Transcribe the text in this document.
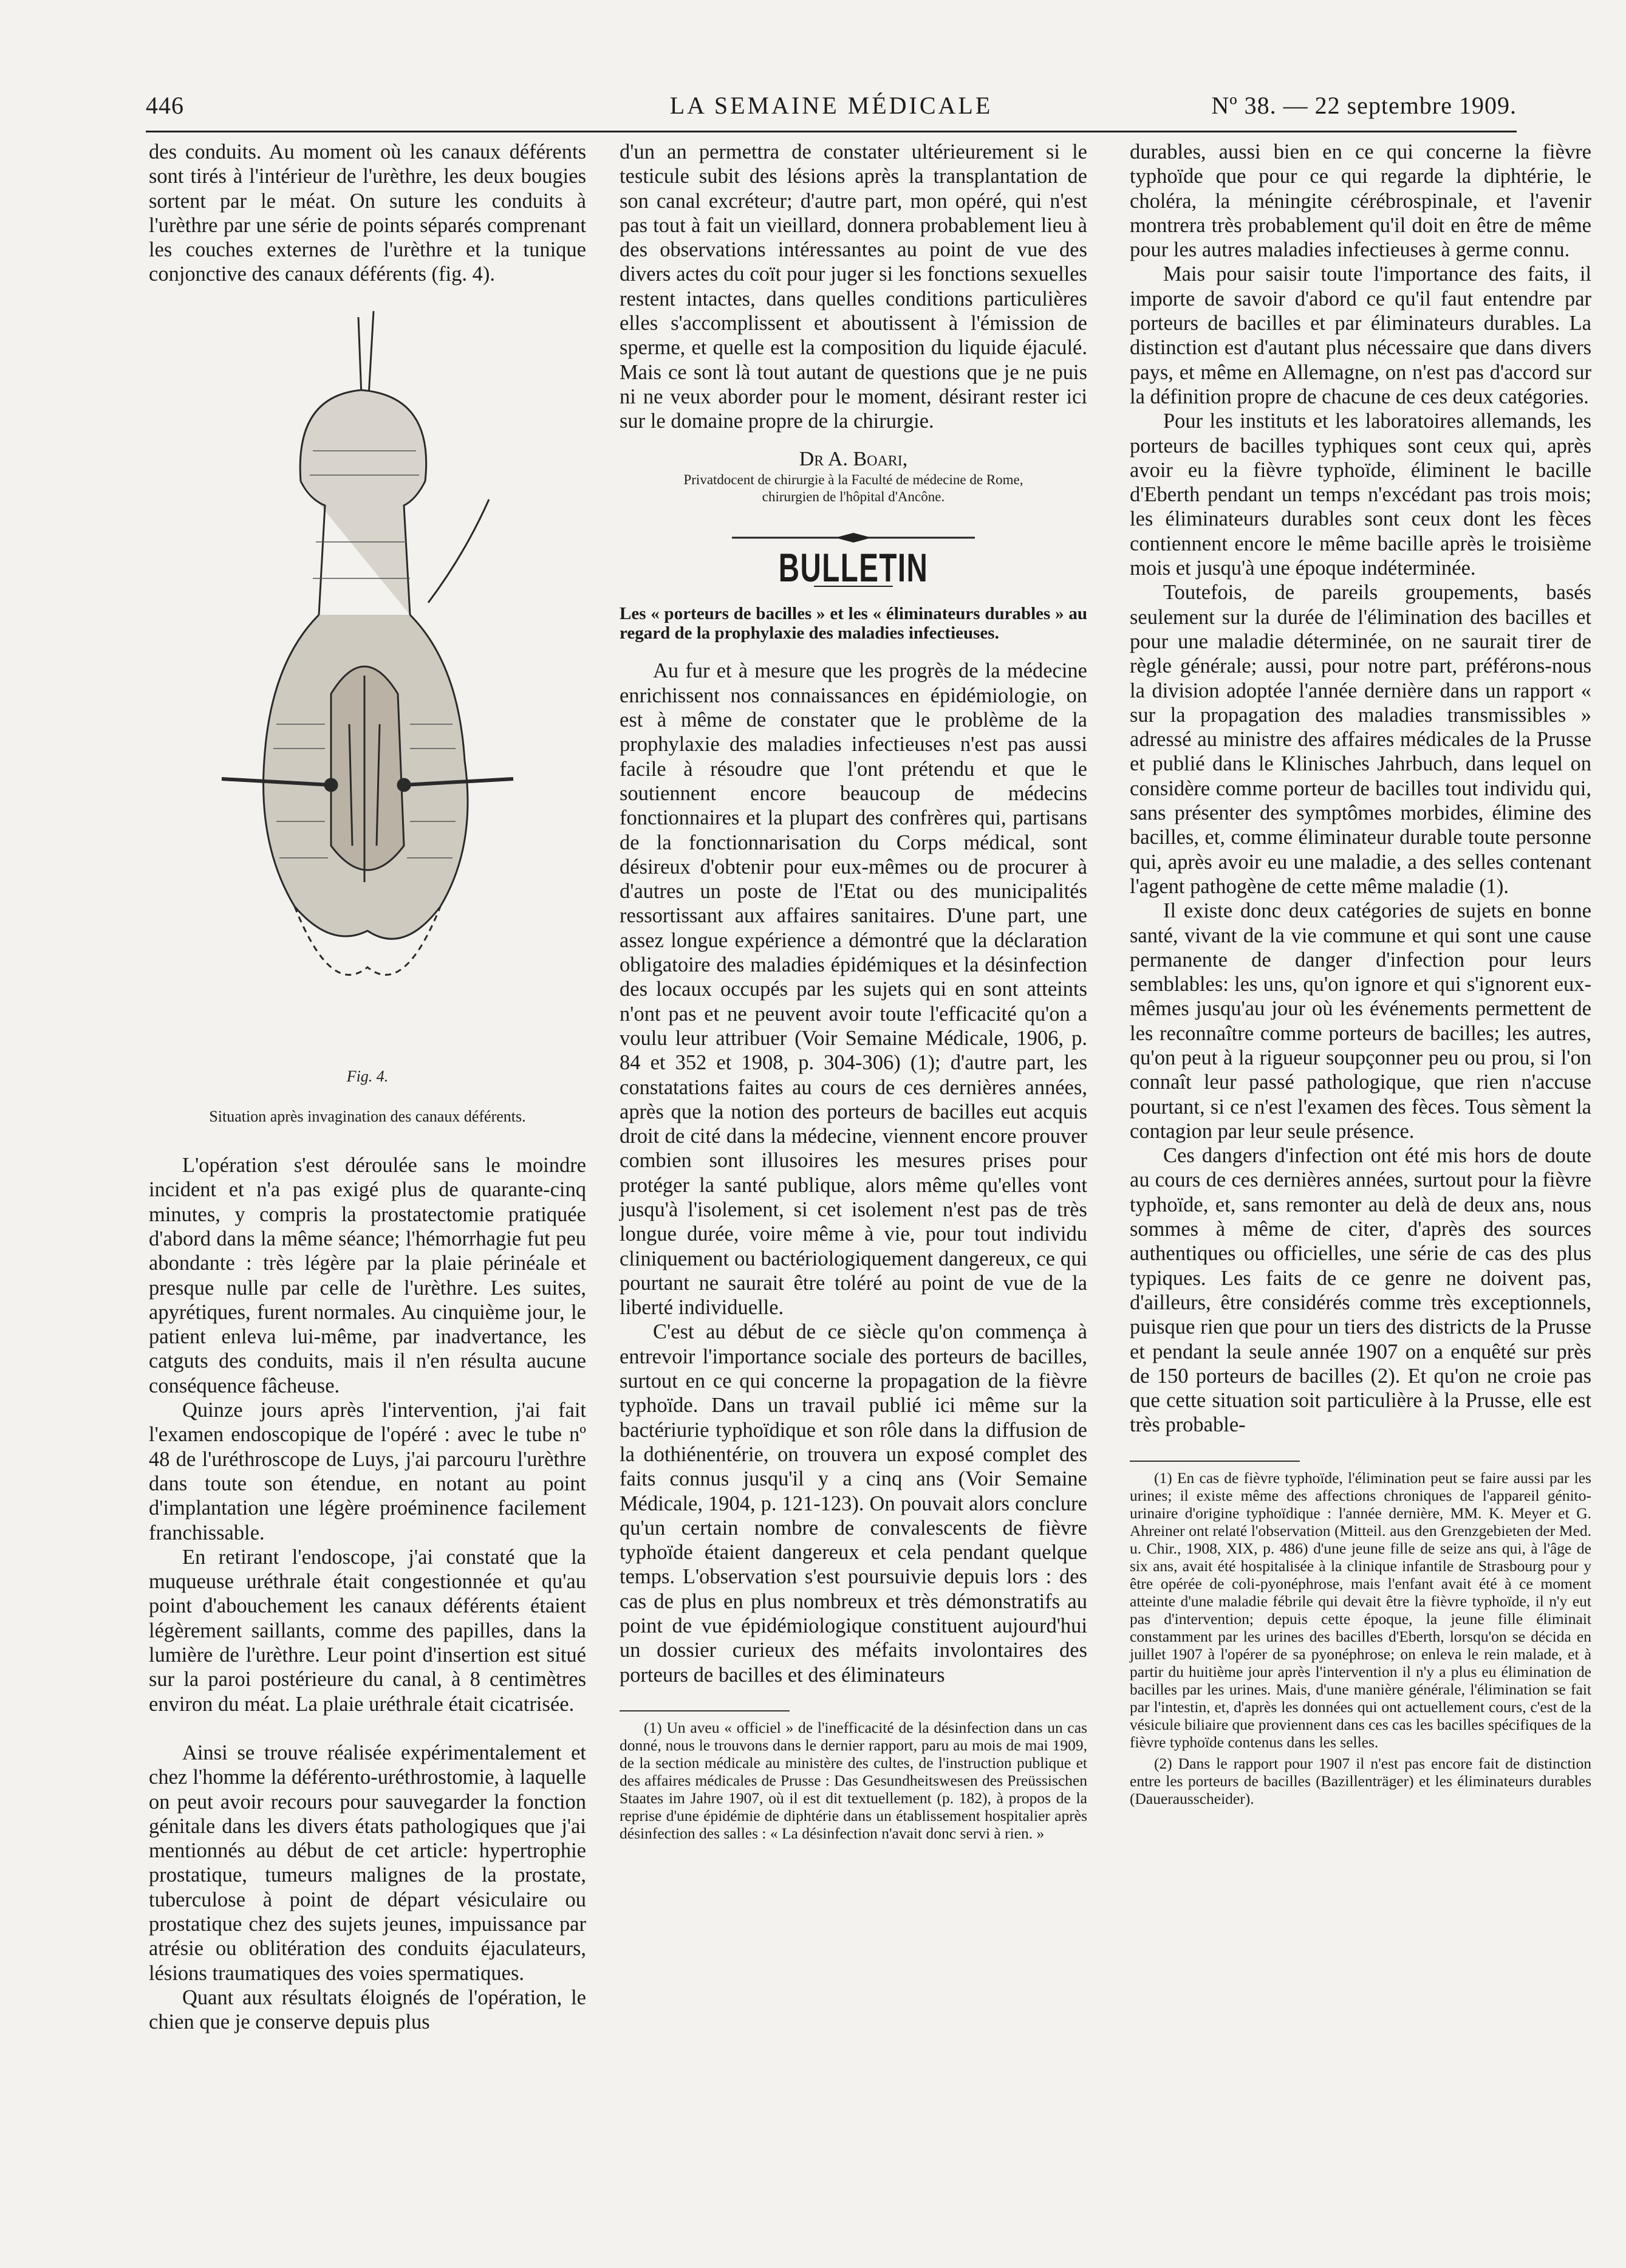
446	LA SEMAINE MÉDICALE	Nº 38. — 22 septembre 1909.

des conduits. Au moment où les canaux déférents sont tirés à l'intérieur de l'urèthre, les deux bougies sortent par le méat. On suture les conduits à l'urèthre par une série de points séparés comprenant les couches externes de l'urèthre et la tunique conjonctive des canaux déférents (fig. 4).

Fig. 4.
Situation après invagination des canaux déférents.

L'opération s'est déroulée sans le moindre incident et n'a pas exigé plus de quarante-cinq minutes, y compris la prostatectomie pratiquée d'abord dans la même séance; l'hémorrhagie fut peu abondante : très légère par la plaie périnéale et presque nulle par celle de l'urèthre. Les suites, apyrétiques, furent normales. Au cinquième jour, le patient enleva lui-même, par inadvertance, les catguts des conduits, mais il n'en résulta aucune conséquence fâcheuse.

Quinze jours après l'intervention, j'ai fait l'examen endoscopique de l'opéré : avec le tube nº 48 de l'uréthroscope de Luys, j'ai parcouru l'urèthre dans toute son étendue, en notant au point d'implantation une légère proéminence facilement franchissable.

En retirant l'endoscope, j'ai constaté que la muqueuse uréthrale était congestionnée et qu'au point d'abouchement les canaux déférents étaient légèrement saillants, comme des papilles, dans la lumière de l'urèthre. Leur point d'insertion est situé sur la paroi postérieure du canal, à 8 centimètres environ du méat. La plaie uréthrale était cicatrisée.

Ainsi se trouve réalisée expérimentalement et chez l'homme la déférento-uréthrostomie, à laquelle on peut avoir recours pour sauvegarder la fonction génitale dans les divers états pathologiques que j'ai mentionnés au début de cet article: hypertrophie prostatique, tumeurs malignes de la prostate, tuberculose à point de départ vésiculaire ou prostatique chez des sujets jeunes, impuissance par atrésie ou oblitération des conduits éjaculateurs, lésions traumatiques des voies spermatiques.

Quant aux résultats éloignés de l'opération, le chien que je conserve depuis plus

d'un an permettra de constater ultérieurement si le testicule subit des lésions après la transplantation de son canal excréteur; d'autre part, mon opéré, qui n'est pas tout à fait un vieillard, donnera probablement lieu à des observations intéressantes au point de vue des divers actes du coït pour juger si les fonctions sexuelles restent intactes, dans quelles conditions particulières elles s'accomplissent et aboutissent à l'émission de sperme, et quelle est la composition du liquide éjaculé. Mais ce sont là tout autant de questions que je ne puis ni ne veux aborder pour le moment, désirant rester ici sur le domaine propre de la chirurgie.

Dr A. Boari,
Privatdocent de chirurgie à la Faculté de médecine de Rome,
chirurgien de l'hôpital d'Ancône.
BULLETIN
Les « porteurs de bacilles » et les « éliminateurs durables » au regard de la prophylaxie des maladies infectieuses.

Au fur et à mesure que les progrès de la médecine enrichissent nos connaissances en épidémiologie, on est à même de constater que le problème de la prophylaxie des maladies infectieuses n'est pas aussi facile à résoudre que l'ont prétendu et que le soutiennent encore beaucoup de médecins fonctionnaires et la plupart des confrères qui, partisans de la fonctionnarisation du Corps médical, sont désireux d'obtenir pour eux-mêmes ou de procurer à d'autres un poste de l'Etat ou des municipalités ressortissant aux affaires sanitaires. D'une part, une assez longue expérience a démontré que la déclaration obligatoire des maladies épidémiques et la désinfection des locaux occupés par les sujets qui en sont atteints n'ont pas et ne peuvent avoir toute l'efficacité qu'on a voulu leur attribuer (Voir Semaine Médicale, 1906, p. 84 et 352 et 1908, p. 304-306) (1); d'autre part, les constatations faites au cours de ces dernières années, après que la notion des porteurs de bacilles eut acquis droit de cité dans la médecine, viennent encore prouver combien sont illusoires les mesures prises pour protéger la santé publique, alors même qu'elles vont jusqu'à l'isolement, si cet isolement n'est pas de très longue durée, voire même à vie, pour tout individu cliniquement ou bactériologiquement dangereux, ce qui pourtant ne saurait être toléré au point de vue de la liberté individuelle.

C'est au début de ce siècle qu'on commença à entrevoir l'importance sociale des porteurs de bacilles, surtout en ce qui concerne la propagation de la fièvre typhoïde. Dans un travail publié ici même sur la bactériurie typhoïdique et son rôle dans la diffusion de la dothiénentérie, on trouvera un exposé complet des faits connus jusqu'il y a cinq ans (Voir Semaine Médicale, 1904, p. 121-123). On pouvait alors conclure qu'un certain nombre de convalescents de fièvre typhoïde étaient dangereux et cela pendant quelque temps. L'observation s'est poursuivie depuis lors : des cas de plus en plus nombreux et très démonstratifs au point de vue épidémiologique constituent aujourd'hui un dossier curieux des méfaits involontaires des porteurs de bacilles et des éliminateurs

(1) Un aveu « officiel » de l'inefficacité de la désinfection dans un cas donné, nous le trouvons dans le dernier rapport, paru au mois de mai 1909, de la section médicale au ministère des cultes, de l'instruction publique et des affaires médicales de Prusse : Das Gesundheitswesen des Preüssischen Staates im Jahre 1907, où il est dit textuellement (p. 182), à propos de la reprise d'une épidémie de diphtérie dans un établissement hospitalier après désinfection des salles : « La désinfection n'avait donc servi à rien. »

durables, aussi bien en ce qui concerne la fièvre typhoïde que pour ce qui regarde la diphtérie, le choléra, la méningite cérébrospinale, et l'avenir montrera très probablement qu'il doit en être de même pour les autres maladies infectieuses à germe connu.

Mais pour saisir toute l'importance des faits, il importe de savoir d'abord ce qu'il faut entendre par porteurs de bacilles et par éliminateurs durables. La distinction est d'autant plus nécessaire que dans divers pays, et même en Allemagne, on n'est pas d'accord sur la définition propre de chacune de ces deux catégories.

Pour les instituts et les laboratoires allemands, les porteurs de bacilles typhiques sont ceux qui, après avoir eu la fièvre typhoïde, éliminent le bacille d'Eberth pendant un temps n'excédant pas trois mois; les éliminateurs durables sont ceux dont les fèces contiennent encore le même bacille après le troisième mois et jusqu'à une époque indéterminée.

Toutefois, de pareils groupements, basés seulement sur la durée de l'élimination des bacilles et pour une maladie déterminée, on ne saurait tirer de règle générale; aussi, pour notre part, préférons-nous la division adoptée l'année dernière dans un rapport « sur la propagation des maladies transmissibles » adressé au ministre des affaires médicales de la Prusse et publié dans le Klinisches Jahrbuch, dans lequel on considère comme porteur de bacilles tout individu qui, sans présenter des symptômes morbides, élimine des bacilles, et, comme éliminateur durable toute personne qui, après avoir eu une maladie, a des selles contenant l'agent pathogène de cette même maladie (1).

Il existe donc deux catégories de sujets en bonne santé, vivant de la vie commune et qui sont une cause permanente de danger d'infection pour leurs semblables: les uns, qu'on ignore et qui s'ignorent eux-mêmes jusqu'au jour où les événements permettent de les reconnaître comme porteurs de bacilles; les autres, qu'on peut à la rigueur soupçonner peu ou prou, si l'on connaît leur passé pathologique, que rien n'accuse pourtant, si ce n'est l'examen des fèces. Tous sèment la contagion par leur seule présence.

Ces dangers d'infection ont été mis hors de doute au cours de ces dernières années, surtout pour la fièvre typhoïde, et, sans remonter au delà de deux ans, nous sommes à même de citer, d'après des sources authentiques ou officielles, une série de cas des plus typiques. Les faits de ce genre ne doivent pas, d'ailleurs, être considérés comme très exceptionnels, puisque rien que pour un tiers des districts de la Prusse et pendant la seule année 1907 on a enquêté sur près de 150 porteurs de bacilles (2). Et qu'on ne croie pas que cette situation soit particulière à la Prusse, elle est très probable-

(1) En cas de fièvre typhoïde, l'élimination peut se faire aussi par les urines; il existe même des affections chroniques de l'appareil génito-urinaire d'origine typhoïdique : l'année dernière, MM. K. Meyer et G. Ahreiner ont relaté l'observation (Mitteil. aus den Grenzgebieten der Med. u. Chir., 1908, XIX, p. 486) d'une jeune fille de seize ans qui, à l'âge de six ans, avait été hospitalisée à la clinique infantile de Strasbourg pour y être opérée de coli-pyonéphrose, mais l'enfant avait été à ce moment atteinte d'une maladie fébrile qui devait être la fièvre typhoïde, il n'y eut pas d'intervention; depuis cette époque, la jeune fille éliminait constamment par les urines des bacilles d'Eberth, lorsqu'on se décida en juillet 1907 à l'opérer de sa pyonéphrose; on enleva le rein malade, et à partir du huitième jour après l'intervention il n'y a plus eu élimination de bacilles par les urines. Mais, d'une manière générale, l'élimination se fait par l'intestin, et, d'après les données qui ont actuellement cours, c'est de la vésicule biliaire que proviennent dans ces cas les bacilles spécifiques de la fièvre typhoïde contenus dans les selles.
(2) Dans le rapport pour 1907 il n'est pas encore fait de distinction entre les porteurs de bacilles (Bazillenträger) et les éliminateurs durables (Dauerausscheider).
